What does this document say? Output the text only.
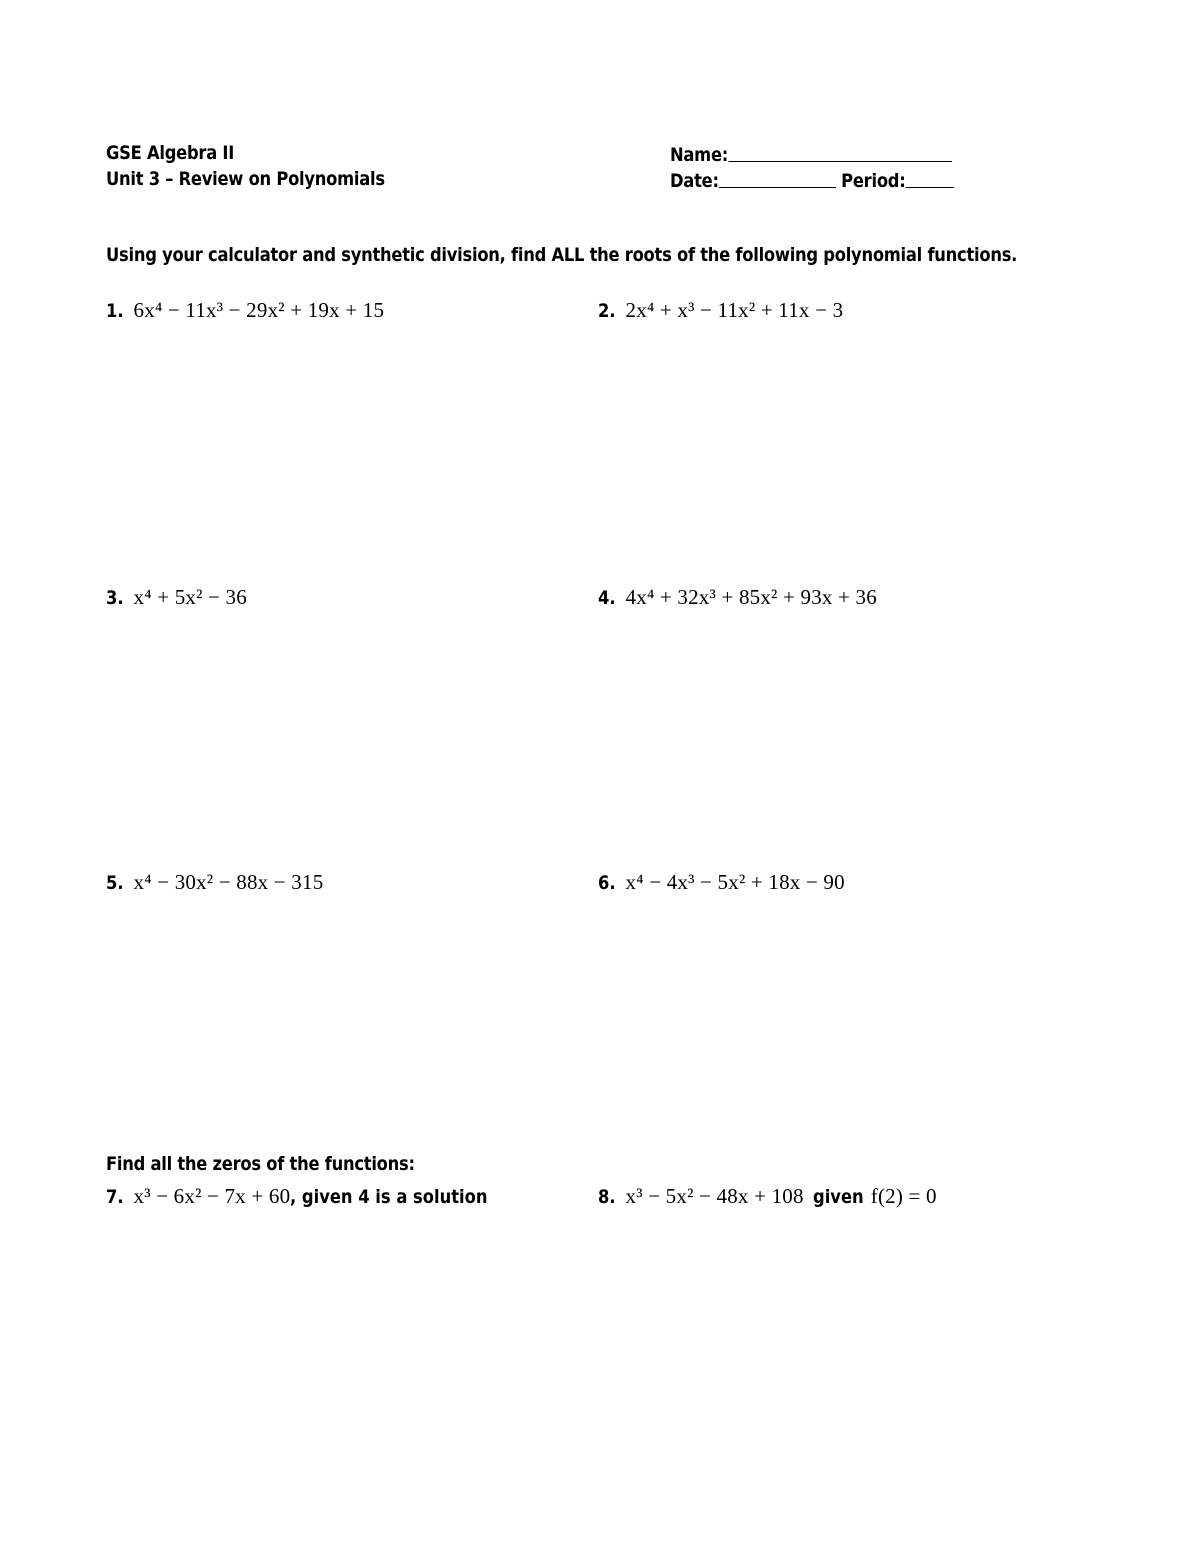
GSE Algebra II
Unit 3 – Review on Polynomials
Name:
Date:	Period:
Using your calculator and synthetic division, find ALL the roots of the following polynomial functions.
1. 6x⁴ − 11x³ − 29x² + 19x + 15	2. 2x⁴ + x³ − 11x² + 11x − 3
3. x⁴ + 5x² − 36	4. 4x⁴ + 32x³ + 85x² + 93x + 36
5. x⁴ − 30x² − 88x − 315	6. x⁴ − 4x³ − 5x² + 18x − 90
Find all the zeros of the functions:
7. x³ − 6x² − 7x + 60, given 4 is a solution	8. x³ − 5x² − 48x + 108 given f(2) = 0
